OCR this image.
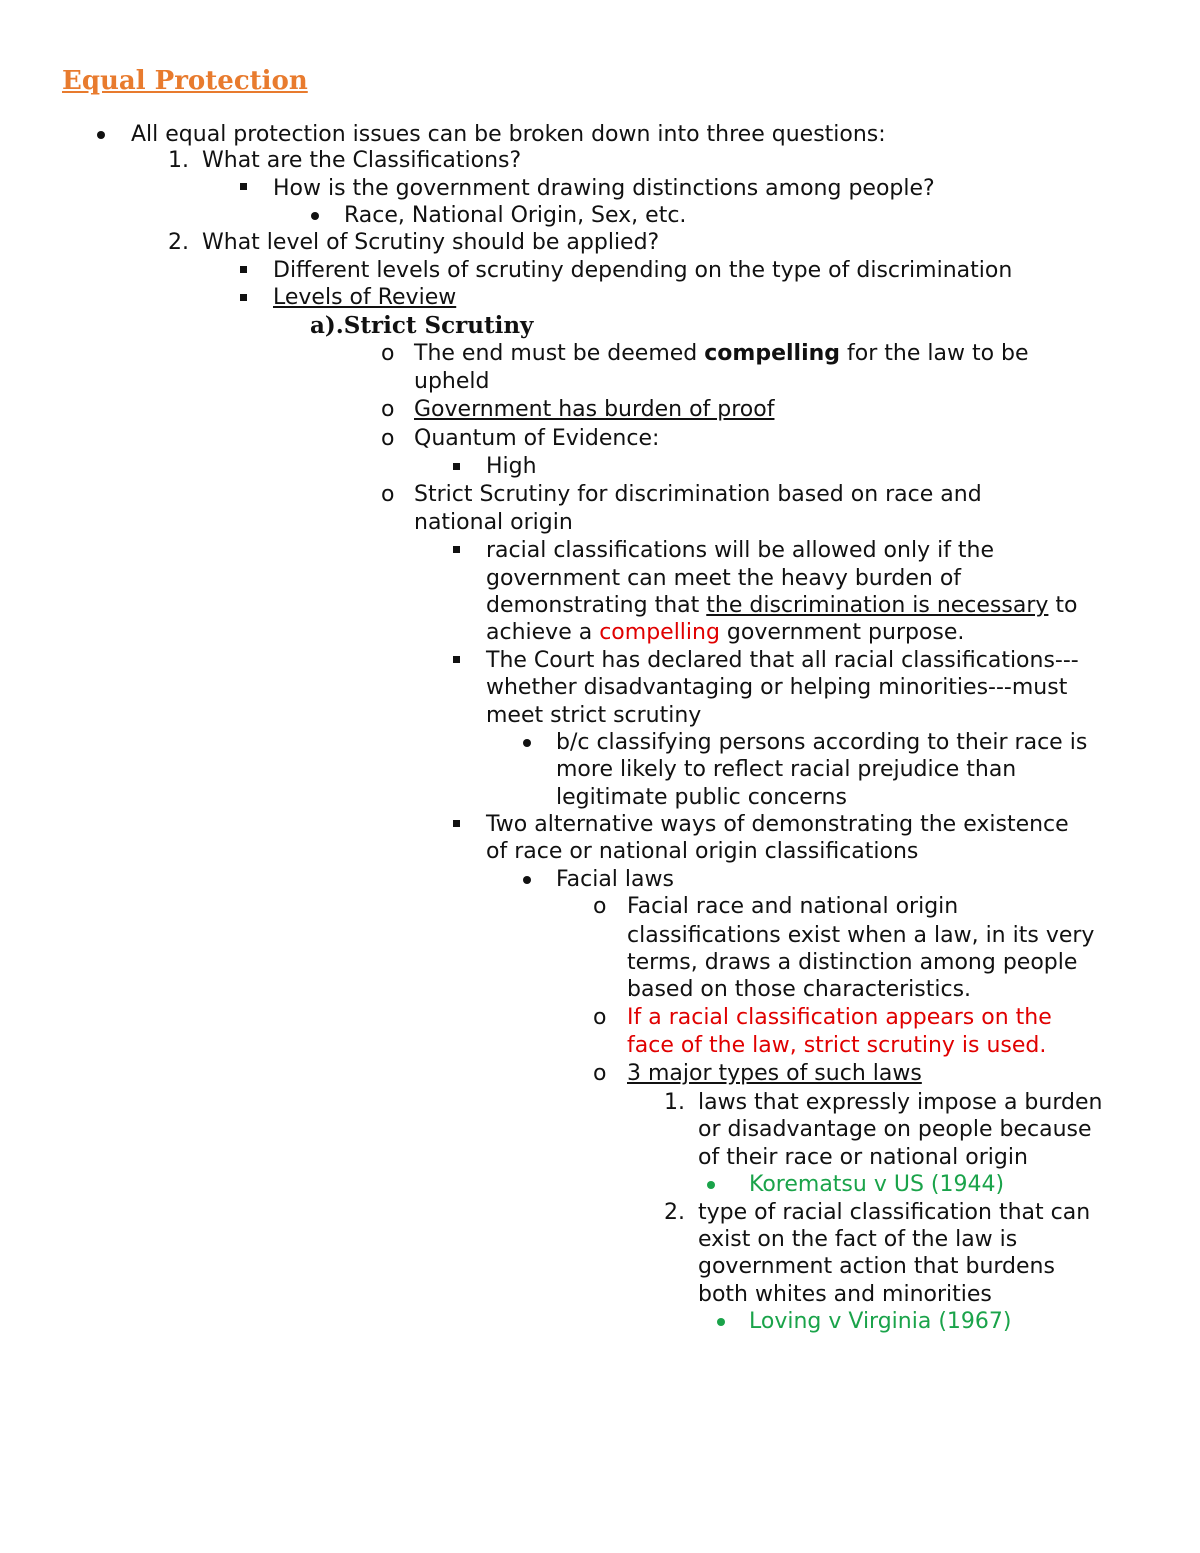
Equal Protection
All equal protection issues can be broken down into three questions:
1. What are the Classifications?
How is the government drawing distinctions among people?
Race, National Origin, Sex, etc.
2. What level of Scrutiny should be applied?
Different levels of scrutiny depending on the type of discrimination
Levels of Review
a).Strict Scrutiny
o The end must be deemed compelling for the law to be
upheld
o Government has burden of proof
o Quantum of Evidence:
High
o Strict Scrutiny for discrimination based on race and
national origin
racial classifications will be allowed only if the
government can meet the heavy burden of
demonstrating that the discrimination is necessary to
achieve a compelling government purpose.
The Court has declared that all racial classifications---
whether disadvantaging or helping minorities---must
meet strict scrutiny
b/c classifying persons according to their race is
more likely to reflect racial prejudice than
legitimate public concerns
Two alternative ways of demonstrating the existence
of race or national origin classifications
Facial laws
o Facial race and national origin
classifications exist when a law, in its very
terms, draws a distinction among people
based on those characteristics.
o If a racial classification appears on the
face of the law, strict scrutiny is used.
o 3 major types of such laws
1. laws that expressly impose a burden
or disadvantage on people because
of their race or national origin
Korematsu v US (1944)
2. type of racial classification that can
exist on the fact of the law is
government action that burdens
both whites and minorities
Loving v Virginia (1967)
